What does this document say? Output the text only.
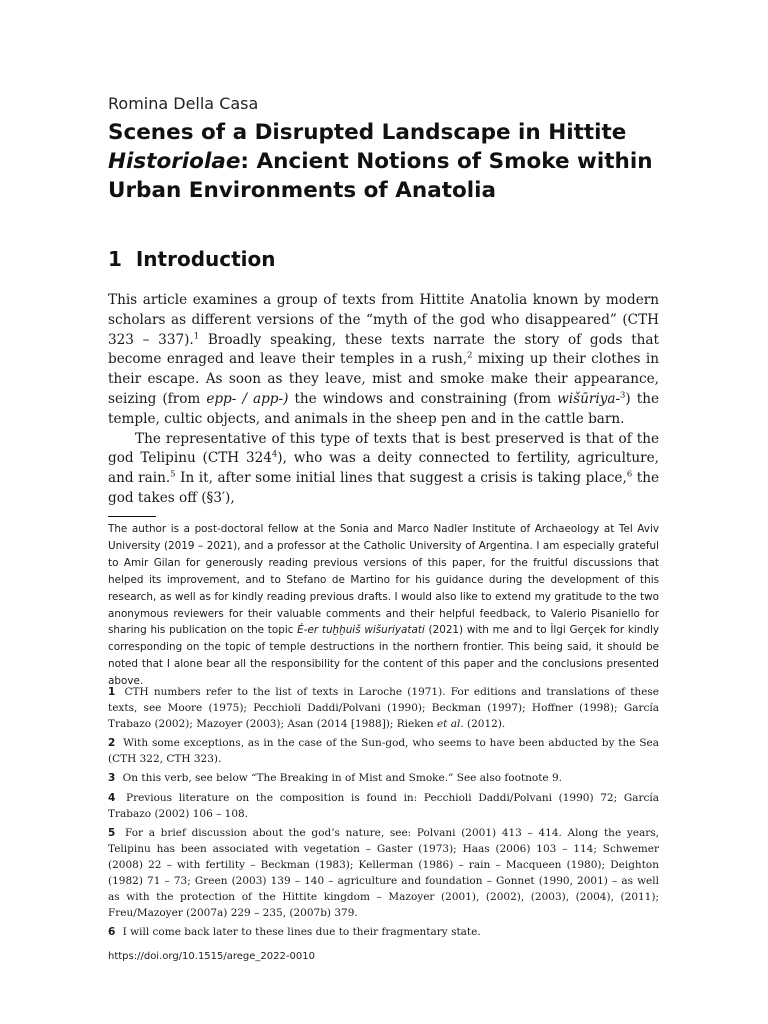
Romina Della Casa
Scenes of a Disrupted Landscape in Hittite
Historiolae: Ancient Notions of Smoke within Urban Environments of Anatolia
1 Introduction

This article examines a group of texts from Hittite Anatolia known by modern scholars as different versions of the “myth of the god who disappeared” (CTH 323 – 337).$^1$ Broadly speaking, these texts narrate the story of gods that become enraged and leave their temples in a rush,$^2$ mixing up their clothes in their escape. As soon as they leave, mist and smoke make their appearance, seizing (from epp- / app-) the windows and constraining (from wišūriya-$^3$) the temple, cultic objects, and animals in the sheep pen and in the cattle barn.

The representative of this type of texts that is best preserved is that of the god Telipinu (CTH $324^4$), who was a deity connected to fertility, agriculture, and rain.$^5$ In it, after some initial lines that suggest a crisis is taking place,$^6$ the god takes off (§3′),

The author is a post-doctoral fellow at the Sonia and Marco Nadler Institute of Archaeology at Tel Aviv University (2019 – 2021), and a professor at the Catholic University of Argentina. I am especially grateful to Amir Gilan for generously reading previous versions of this paper, for the fruitful discussions that helped its improvement, and to Stefano de Martino for his guidance during the development of this research, as well as for kindly reading previous drafts. I would also like to extend my gratitude to the two anonymous reviewers for their valuable comments and their helpful feedback, to Valerio Pisaniello for sharing his publication on the topic É-er tuḫḫuiš wišuriyatati (2021) with me and to İlgi Gerçek for kindly corresponding on the topic of temple destructions in the northern frontier. This being said, it should be noted that I alone bear all the responsibility for the content of this paper and the conclusions presented above.

1 CTH numbers refer to the list of texts in Laroche (1971). For editions and translations of these texts, see Moore (1975); Pecchioli Daddi/Polvani (1990); Beckman (1997); Hoffner (1998); García Trabazo (2002); Mazoyer (2003); Asan (2014 [1988]); Rieken et al. (2012).

2 With some exceptions, as in the case of the Sun-god, who seems to have been abducted by the Sea (CTH 322, CTH 323).

3 On this verb, see below “The Breaking in of Mist and Smoke.” See also footnote 9.

4 Previous literature on the composition is found in: Pecchioli Daddi/Polvani (1990) 72; García Trabazo (2002) 106 – 108.

5 For a brief discussion about the god’s nature, see: Polvani (2001) 413 – 414. Along the years, Telipinu has been associated with vegetation – Gaster (1973); Haas (2006) 103 – 114; Schwemer (2008) 22 – with fertility – Beckman (1983); Kellerman (1986) – rain – Macqueen (1980); Deighton (1982) 71 – 73; Green (2003) 139 – 140 – agriculture and foundation – Gonnet (1990, 2001) – as well as with the protection of the Hittite kingdom – Mazoyer (2001), (2002), (2003), (2004), (2011); Freu/Mazoyer (2007a) 229 – 235, (2007b) 379.

6 I will come back later to these lines due to their fragmentary state.

https://doi.org/10.1515/arege_2022-0010
